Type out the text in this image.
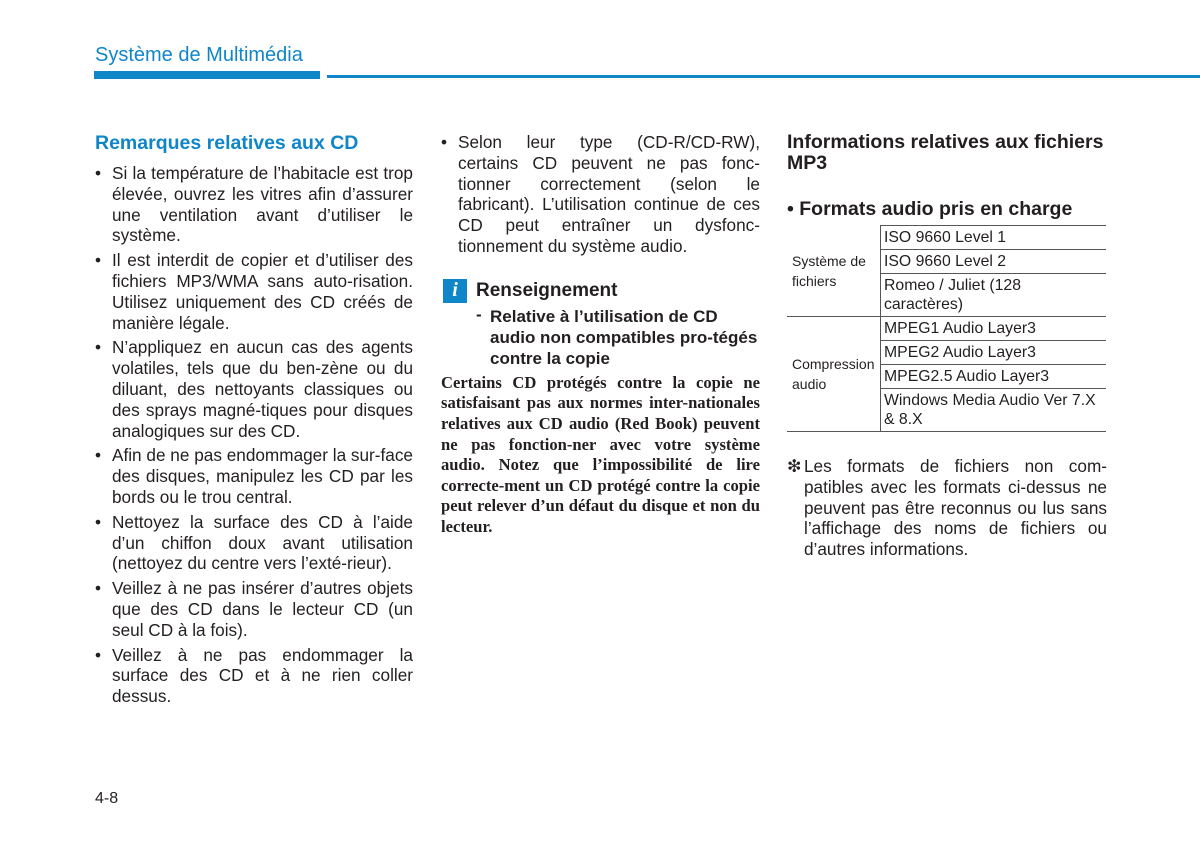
Système de Multimédia
Remarques relatives aux CD
• Si la température de l’habitacle est trop élevée, ouvrez les vitres afin d’assurer une ventilation avant d’utiliser le système.
• Il est interdit de copier et d’utiliser des fichiers MP3/WMA sans auto-risation. Utilisez uniquement des CD créés de manière légale.
• N’appliquez en aucun cas des agents volatiles, tels que du ben-zène ou du diluant, des nettoyants classiques ou des sprays magné-tiques pour disques analogiques sur des CD.
• Afin de ne pas endommager la sur-face des disques, manipulez les CD par les bords ou le trou central.
• Nettoyez la surface des CD à l’aide d’un chiffon doux avant utilisation (nettoyez du centre vers l’exté-rieur).
• Veillez à ne pas insérer d’autres objets que des CD dans le lecteur CD (un seul CD à la fois).
• Veillez à ne pas endommager la surface des CD et à ne rien coller dessus.
• Selon leur type (CD-R/CD-RW), certains CD peuvent ne pas fonc-tionner correctement (selon le fabricant). L’utilisation continue de ces CD peut entraîner un dysfonc-tionnement du système audio.
i Renseignement
- Relative à l’utilisation de CD audio non compatibles pro-tégés contre la copie
Certains CD protégés contre la copie ne satisfaisant pas aux normes inter-nationales relatives aux CD audio (Red Book) peuvent ne pas fonction-ner avec votre système audio. Notez que l’impossibilité de lire correcte-ment un CD protégé contre la copie peut relever d’un défaut du disque et non du lecteur.
Informations relatives aux fichiers MP3
• Formats audio pris en charge
Système de fichiers	ISO 9660 Level 1
	ISO 9660 Level 2
	Romeo / Juliet (128 caractères)
Compression audio	MPEG1 Audio Layer3
	MPEG2 Audio Layer3
	MPEG2.5 Audio Layer3
	Windows Media Audio Ver 7.X & 8.X
❇ Les formats de fichiers non com-patibles avec les formats ci-dessus ne peuvent pas être reconnus ou lus sans l’affichage des noms de fichiers ou d’autres informations.
4-8
